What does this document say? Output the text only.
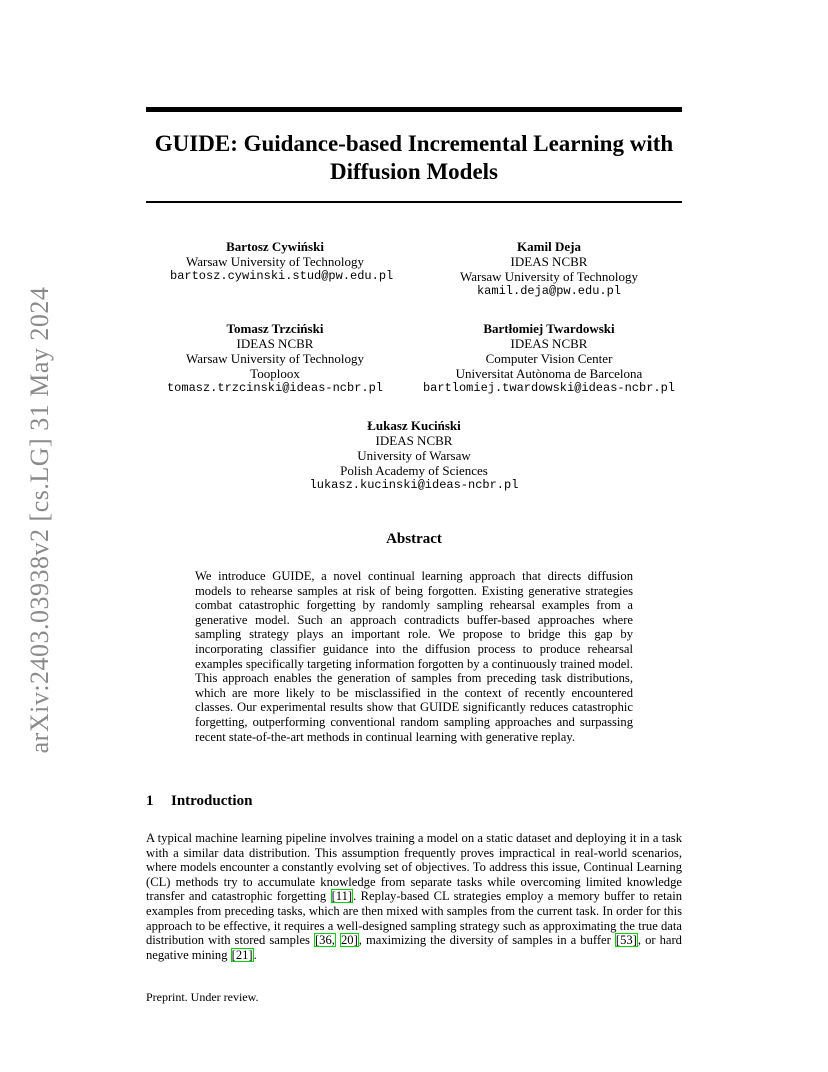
arXiv:2403.03938v2 [cs.LG] 31 May 2024
GUIDE: Guidance-based Incremental Learning with Diffusion Models
Bartosz Cywiński
Warsaw University of Technology
bartosz.cywinski.stud@pw.edu.pl
Kamil Deja
IDEAS NCBR
Warsaw University of Technology
kamil.deja@pw.edu.pl
Tomasz Trzciński
IDEAS NCBR
Warsaw University of Technology
Tooploox
tomasz.trzcinski@ideas-ncbr.pl
Bartłomiej Twardowski
IDEAS NCBR
Computer Vision Center
Universitat Autònoma de Barcelona
bartlomiej.twardowski@ideas-ncbr.pl
Łukasz Kuciński
IDEAS NCBR
University of Warsaw
Polish Academy of Sciences
lukasz.kucinski@ideas-ncbr.pl
Abstract
We introduce GUIDE, a novel continual learning approach that directs diffusion models to rehearse samples at risk of being forgotten. Existing generative strategies combat catastrophic forgetting by randomly sampling rehearsal examples from a generative model. Such an approach contradicts buffer-based approaches where sampling strategy plays an important role. We propose to bridge this gap by incorporating classifier guidance into the diffusion process to produce rehearsal examples specifically targeting information forgotten by a continuously trained model. This approach enables the generation of samples from preceding task distributions, which are more likely to be misclassified in the context of recently encountered classes. Our experimental results show that GUIDE significantly reduces catastrophic forgetting, outperforming conventional random sampling approaches and surpassing recent state-of-the-art methods in continual learning with generative replay.
1 Introduction
A typical machine learning pipeline involves training a model on a static dataset and deploying it in a task with a similar data distribution. This assumption frequently proves impractical in real-world scenarios, where models encounter a constantly evolving set of objectives. To address this issue, Continual Learning (CL) methods try to accumulate knowledge from separate tasks while overcoming limited knowledge transfer and catastrophic forgetting [11]. Replay-based CL strategies employ a memory buffer to retain examples from preceding tasks, which are then mixed with samples from the current task. In order for this approach to be effective, it requires a well-designed sampling strategy such as approximating the true data distribution with stored samples [36, 20], maximizing the diversity of samples in a buffer [53], or hard negative mining [21].
Preprint. Under review.
